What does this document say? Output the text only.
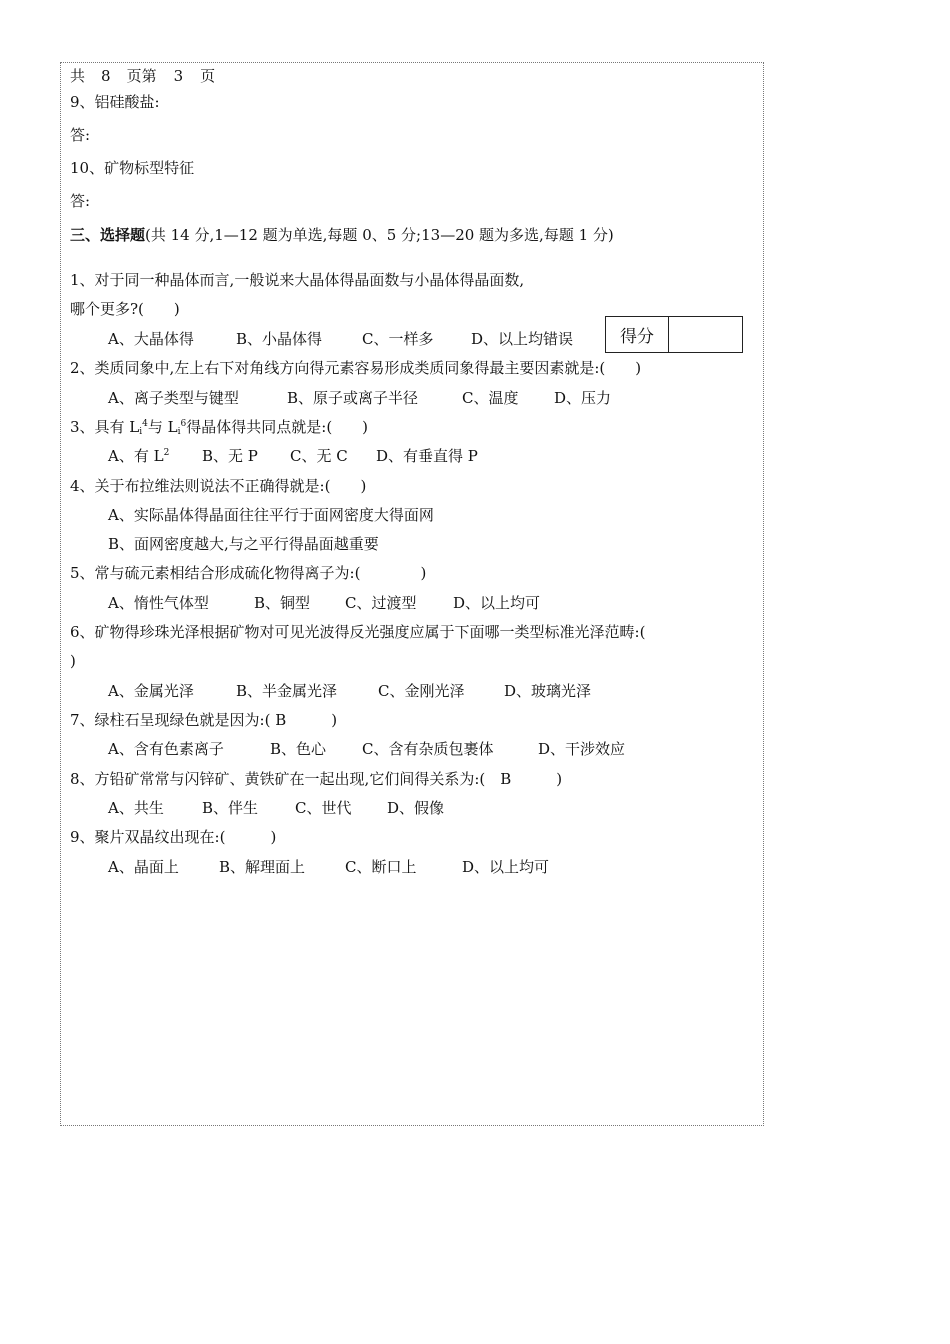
共 8 页第 3 页
9、铝硅酸盐:
答:
10、矿物标型特征
答:
三、选择题(共 14 分,1—12 题为单选,每题 0、5 分;13—20 题为多选,每题 1 分)
得分
1、对于同一种晶体而言,一般说来大晶体得晶面数与小晶体得晶面数,
哪个更多?(　　)
A、大晶体得	B、小晶体得	C、一样多	D、以上均错误
2、类质同象中,左上右下对角线方向得元素容易形成类质同象得最主要因素就是:(　　)
A、离子类型与键型	B、原子或离子半径	C、温度 D、压力
3、具有 $L_i^4$与 $L_i^6$得晶体得共同点就是:(　　)
A、有 $L^2$ B、无 P C、无 C D、有垂直得 P
4、关于布拉维法则说法不正确得就是:(　　)
A、实际晶体得晶面往往平行于面网密度大得面网
B、面网密度越大,与之平行得晶面越重要
5、常与硫元素相结合形成硫化物得离子为:(　　　　)
A、惰性气体型	B、铜型 C、过渡型 D、以上均可
6、矿物得珍珠光泽根据矿物对可见光波得反光强度应属于下面哪一类型标准光泽范畴:(
)
A、金属光泽	B、半金属光泽	C、金刚光泽	D、玻璃光泽
7、绿柱石呈现绿色就是因为:( B　　　)
A、含有色素离子	B、色心 C、含有杂质包裹体	D、干涉效应
8、方铅矿常常与闪锌矿、黄铁矿在一起出现,它们间得关系为:(　B　　　)
A、共生	B、伴生 C、世代 D、假像
9、聚片双晶纹出现在:(　　　)
A、晶面上	B、解理面上	C、断口上	D、以上均可
